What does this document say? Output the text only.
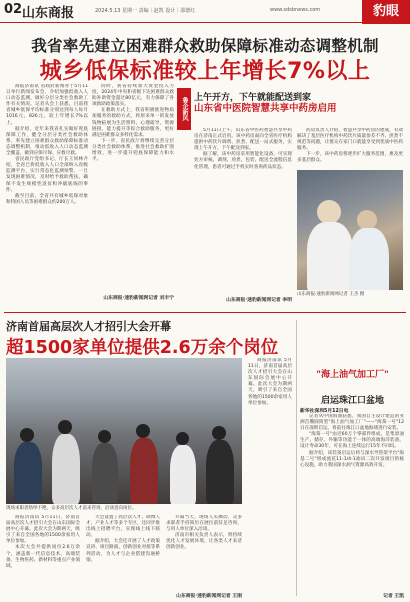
02 山东商报	2024.5.13 星期一 责编｜赵凯 设计｜邵德红	www.sdsbnews.com	豹眼
我省率先建立困难群众救助保障标准动态调整机制
城乡低保标准较上年增长7%以上

商报济南讯 省政府新闻办于5月11日举行新闻发布会，介绍加强低收入人口动态监测，做好分层分类社会救助工作有关情况。记者从会上获悉，目前我省城乡低保平均标准分别达到每人每月1016元、826元，较上年增长7%以上。

据介绍，近年来我省扎实做好兜底保障工作，健全分层分类社会救助体系，率先建立困难群众救助保障标准动态调整机制，推动低收入人口动态监测全覆盖，做到应保尽保、应救尽救。

省民政厅党组书记、厅长王同林介绍，全省已将低收入人口全部纳入省级监测平台，实行常态化监测预警，一旦发现困难情况，及时给予救助帮扶，确保不发生规模性返贫和冲破底线的事件。

截至目前，全省共有城乡低保对象和特困人员等困难群众约200万人。

同时，我省持续加大资金投入力度，2024年中央和省级下达困难群众救助补助资金超过80亿元，有力保障了各项救助政策落实。

在救助方式上，我省积极推进物质加服务的救助方式，将原来单一的发放钱物拓展为生活照料、心理疏导、资源链接、能力提升等综合救助服务，更好满足困难群众多样化需求。

下一步，省民政厅将继续完善分层分类社会救助体系，推进社会救助扩围增效，进一步提升兜底保障能力和水平。

山东商报·速豹新闻网记者 刘丰宁
鲁企新风 上午开方，下午就能配送到家
山东省中医院智慧共享中药房启用

5月11日上午，山东省中医药智慧共享中药房在济南正式启用。该中药房面向全省医疗机构提供中药饮片调剂、煎煮、配送一站式服务，实现上午开方、下午配送到家。

据了解，该中药房采用智能化设备，可实现处方审核、调剂、煎煮、包装、配送全流程信息化管理，患者可通过手机实时查询药品状态。

药房负责人介绍，智慧共享中药房的建成，有效解决了基层医疗机构中药饮片质量参差不齐、煎煮不规范等问题，让群众在家门口就能享受到优质中医药服务。

下一步，该中药房将逐步扩大服务范围，惠及更多基层群众。

山东商报·速豹新闻网记者 王杰 摄
山东商报·速豹新闻网记者 李明
济南首届高层次人才招引大会开幕
超1500家单位提供2.6万余个岗位
现场求职者络绎不绝，众多高层次人才前来咨询，洽谈意向岗位。

商报济南讯 5月11日，济南首届高层次人才招引大会在山东国际会展中心开幕。此次大会为期两天，吸引了来自全国各地的1500余家用人单位参加。

本次大会共提供岗位2.6万余个，涵盖新一代信息技术、高端装备、生物医药、新材料等重点产业领域。

大会设置了高层次人才、硕博人才、产业人才等多个专区，还同步推出线上招聘平台，实现线上线下联动。

据介绍，大会还开展了人才政策宣讲、项目路演、创新创业对接等系列活动，为人才与企业搭建沟通桥梁。

开幕当天，现场人头攒动，众多求职者手持简历在展位前驻足咨询，与用人单位深入洽谈。

济南市相关负责人表示，将持续优化人才发展环境，让各类人才来济创新创业。

山东商报·速豹新闻网记者 王刚

商报济南讯 5月11日，济南首届高层次人才招引大会在山东国际会展中心开幕。此次大会为期两天，吸引了来自全国各地的1500余家用人单位参加。

"海上油气加工厂"
启运珠江口盆地
新华社深圳5月12日电

记者从中国海油获悉，我国自主设计建造的亚洲首艘圆筒型"海上油气加工厂"——"海葵一号"12日在深圳启运，将前往珠江口盆地海域进行安装。

"海葵一号"由近60万个零部件组成，是集原油生产、储存、外输等功能于一体的高端海洋装备，设计寿命30年，可在海上连续运行15年不回坞。

据介绍，该装备启运后将与深水导管架平台"海基二号"组成流花11-1/4-1油田二次开发项目的核心设施，助力我国深水油气资源高效开发。

记者 王凯
